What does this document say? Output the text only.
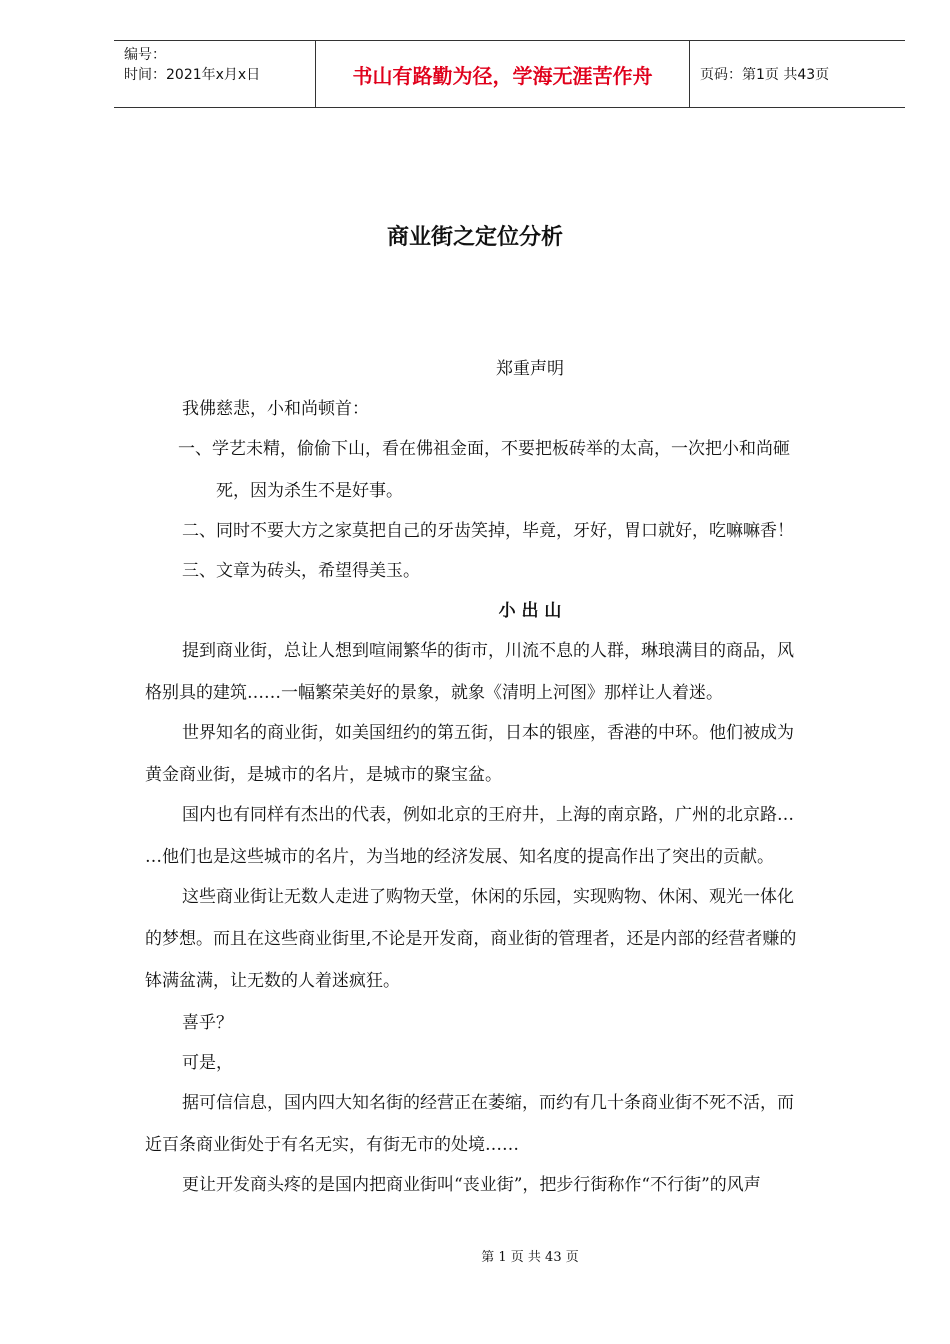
编号：
时间：2021年x月x日	书山有路勤为径，学海无涯苦作舟	页码：第1页 共43页
商业街之定位分析
郑重声明
我佛慈悲，小和尚顿首：
一、学艺未精，偷偷下山，看在佛祖金面，不要把板砖举的太高，一次把小和尚砸
死，因为杀生不是好事。
二、同时不要大方之家莫把自己的牙齿笑掉，毕竟，牙好，胃口就好，吃嘛嘛香！
三、文章为砖头，希望得美玉。
小 出 山
提到商业街，总让人想到喧闹繁华的街市，川流不息的人群，琳琅满目的商品，风
格别具的建筑……一幅繁荣美好的景象，就象《清明上河图》那样让人着迷。
世界知名的商业街，如美国纽约的第五街，日本的银座，香港的中环。他们被成为
黄金商业街，是城市的名片，是城市的聚宝盆。
国内也有同样有杰出的代表，例如北京的王府井，上海的南京路，广州的北京路…
…他们也是这些城市的名片，为当地的经济发展、知名度的提高作出了突出的贡献。
这些商业街让无数人走进了购物天堂，休闲的乐园，实现购物、休闲、观光一体化
的梦想。而且在这些商业街里,不论是开发商，商业街的管理者，还是内部的经营者赚的
钵满盆满，让无数的人着迷疯狂。
喜乎？
可是，
据可信信息，国内四大知名街的经营正在萎缩，而约有几十条商业街不死不活，而
近百条商业街处于有名无实，有街无市的处境……
更让开发商头疼的是国内把商业街叫“丧业街”，把步行街称作“不行街”的风声
第 1 页 共 43 页
